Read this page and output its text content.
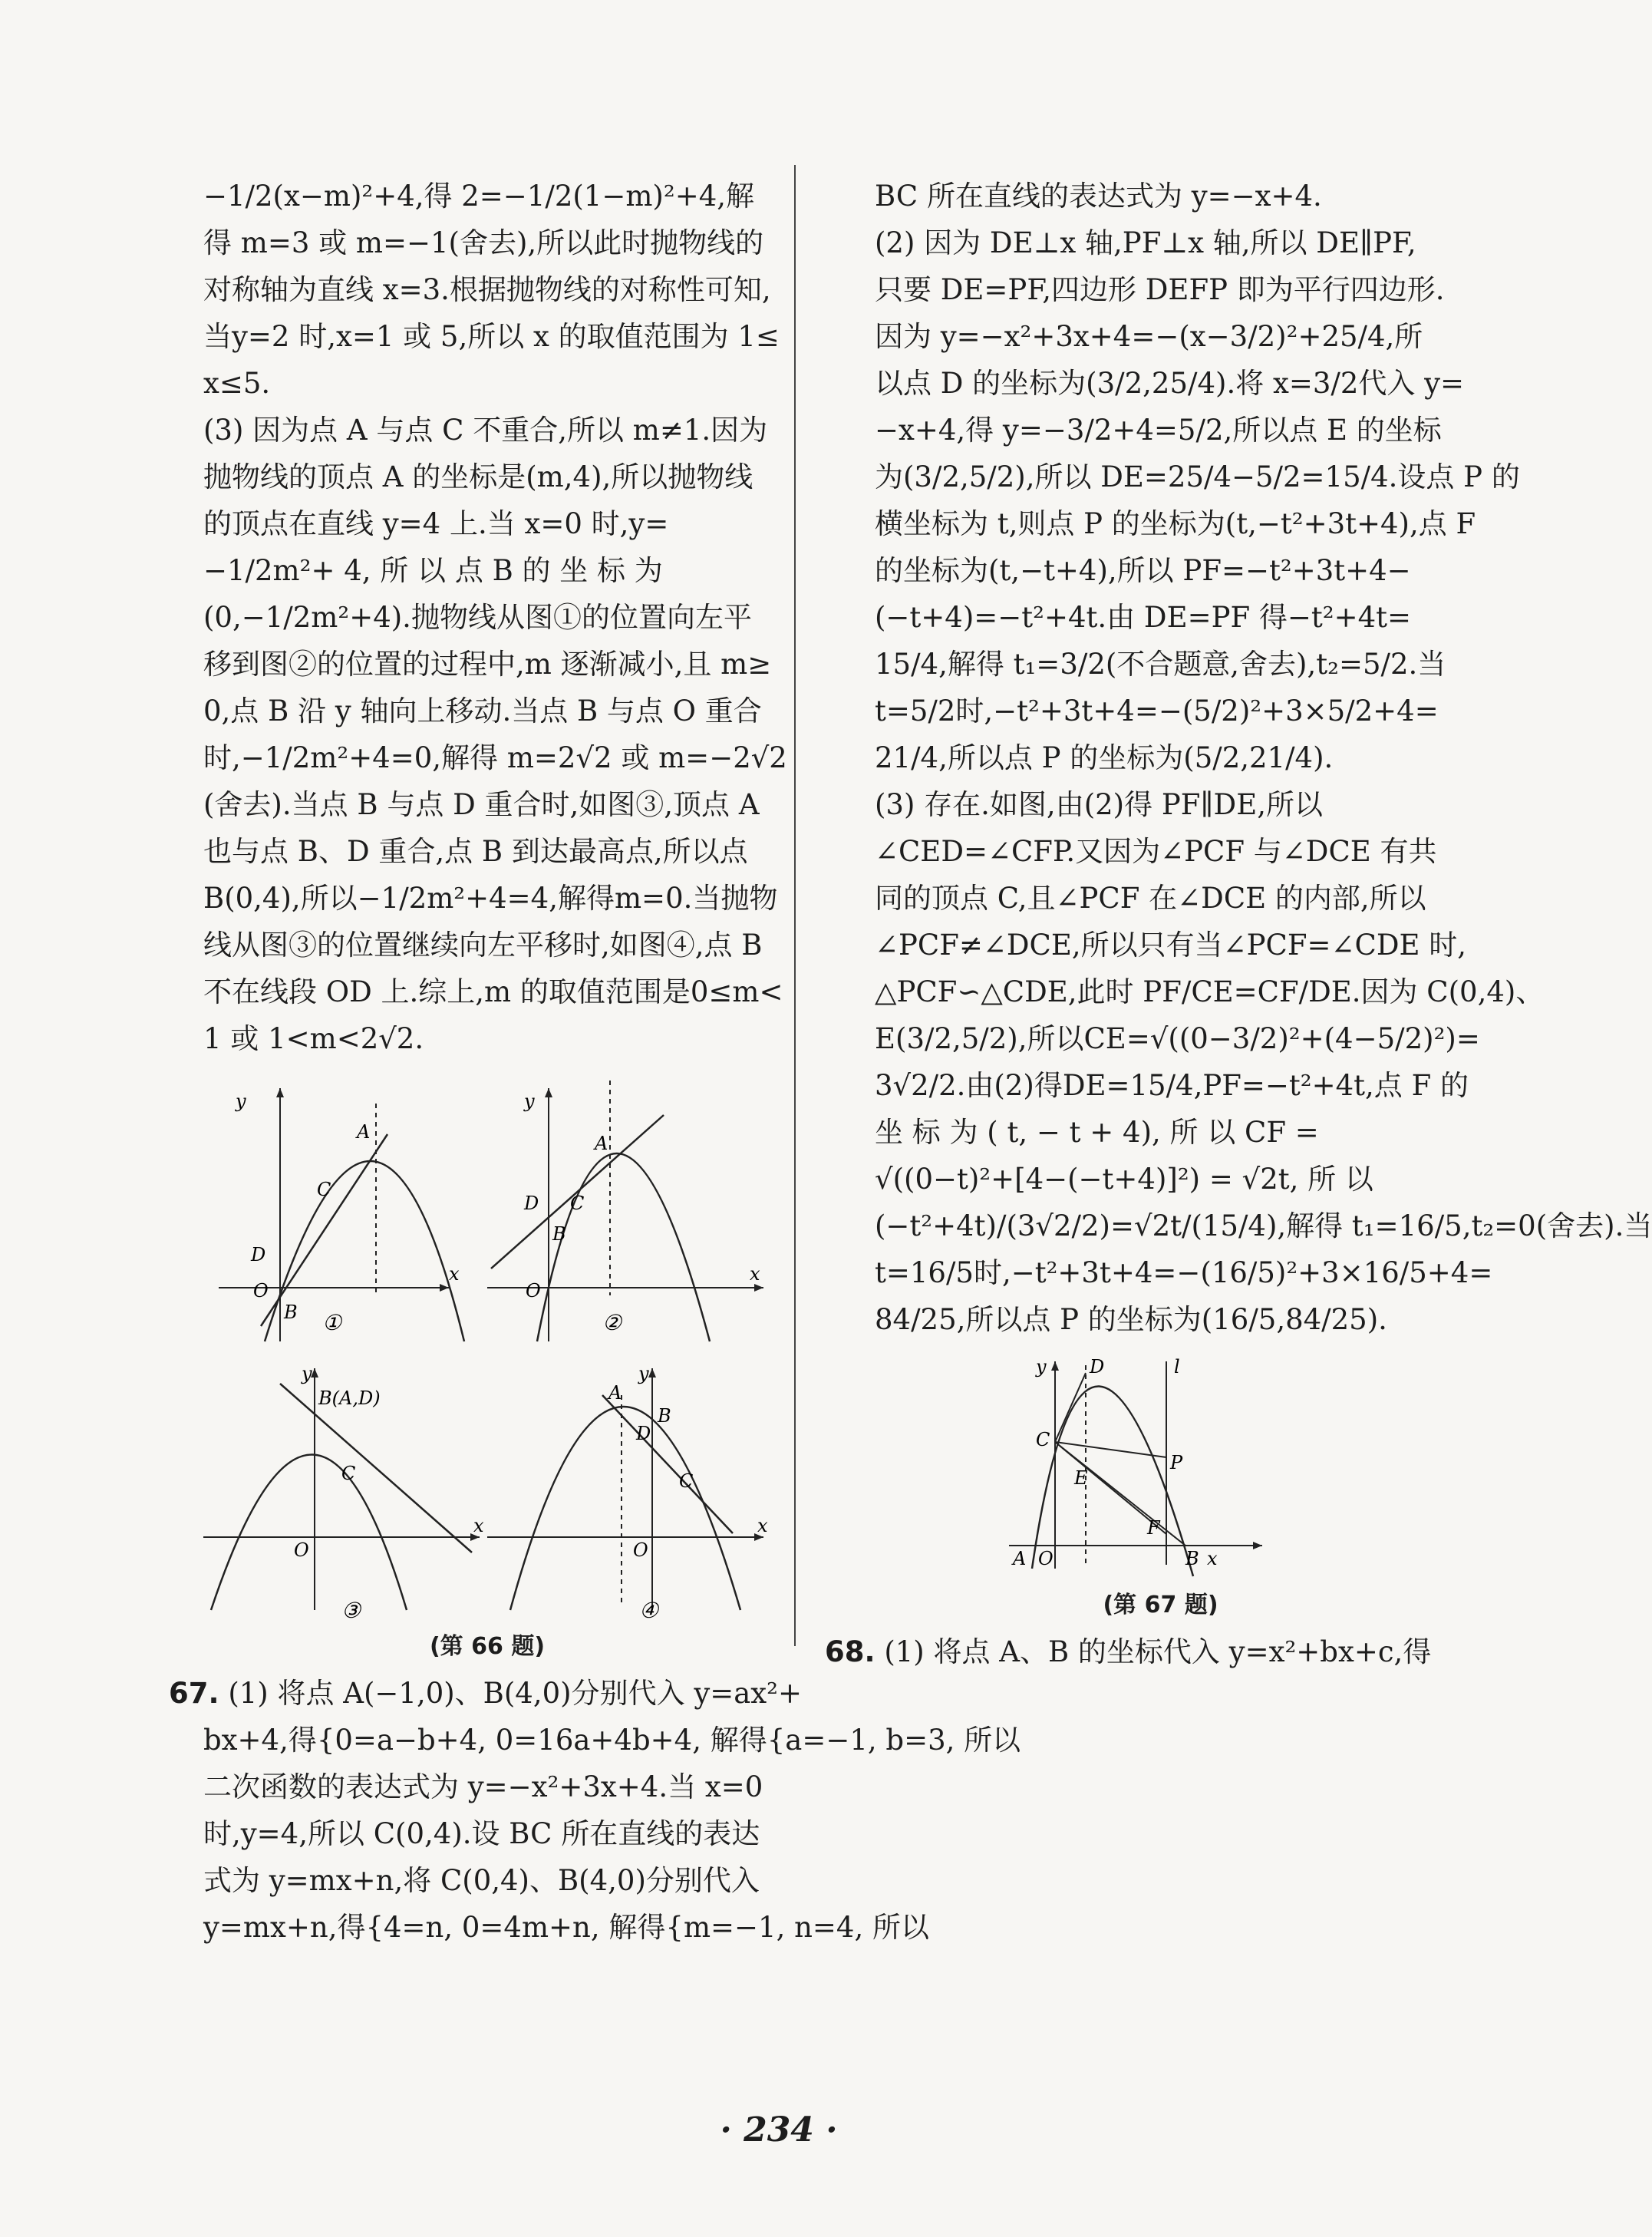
−1/2(x−m)²+4,得 2=−1/2(1−m)²+4,解
得 m=3 或 m=−1(舍去),所以此时抛物线的
对称轴为直线 x=3.根据抛物线的对称性可知,
当y=2 时,x=1 或 5,所以 x 的取值范围为 1≤
x≤5.
(3) 因为点 A 与点 C 不重合,所以 m≠1.因为
抛物线的顶点 A 的坐标是(m,4),所以抛物线
的顶点在直线 y=4 上.当 x=0 时,y=
−1/2m²+ 4, 所 以 点 B 的 坐 标 为
(0,−1/2m²+4).抛物线从图①的位置向左平
移到图②的位置的过程中,m 逐渐减小,且 m≥
0,点 B 沿 y 轴向上移动.当点 B 与点 O 重合
时,−1/2m²+4=0,解得 m=2√2 或 m=−2√2
(舍去).当点 B 与点 D 重合时,如图③,顶点 A
也与点 B、D 重合,点 B 到达最高点,所以点
B(0,4),所以−1/2m²+4=4,解得m=0.当抛物
线从图③的位置继续向左平移时,如图④,点 B
不在线段 OD 上.综上,m 的取值范围是0≤m<
1 或 1<m<2√2.
y
x
A
C
D
O
B ①
y
x
A
C
D
B
O
②
y
x
B(A,D)
C
O
③
y
x
A
B
D
C
O
④
(第 66 题)
67. (1) 将点 A(−1,0)、B(4,0)分别代入 y=ax²+
bx+4,得{0=a−b+4, 0=16a+4b+4, 解得{a=−1, b=3, 所以
二次函数的表达式为 y=−x²+3x+4.当 x=0
时,y=4,所以 C(0,4).设 BC 所在直线的表达
式为 y=mx+n,将 C(0,4)、B(4,0)分别代入
y=mx+n,得{4=n, 0=4m+n, 解得{m=−1, n=4, 所以
BC 所在直线的表达式为 y=−x+4.
(2) 因为 DE⊥x 轴,PF⊥x 轴,所以 DE∥PF,
只要 DE=PF,四边形 DEFP 即为平行四边形.
因为 y=−x²+3x+4=−(x−3/2)²+25/4,所
以点 D 的坐标为(3/2,25/4).将 x=3/2代入 y=
−x+4,得 y=−3/2+4=5/2,所以点 E 的坐标
为(3/2,5/2),所以 DE=25/4−5/2=15/4.设点 P 的
横坐标为 t,则点 P 的坐标为(t,−t²+3t+4),点 F
的坐标为(t,−t+4),所以 PF=−t²+3t+4−
(−t+4)=−t²+4t.由 DE=PF 得−t²+4t=
15/4,解得 t₁=3/2(不合题意,舍去),t₂=5/2.当
t=5/2时,−t²+3t+4=−(5/2)²+3×5/2+4=
21/4,所以点 P 的坐标为(5/2,21/4).
(3) 存在.如图,由(2)得 PF∥DE,所以
∠CED=∠CFP.又因为∠PCF 与∠DCE 有共
同的顶点 C,且∠PCF 在∠DCE 的内部,所以
∠PCF≠∠DCE,所以只有当∠PCF=∠CDE 时,
△PCF∽△CDE,此时 PF/CE=CF/DE.因为 C(0,4)、
E(3/2,5/2),所以CE=√((0−3/2)²+(4−5/2)²)=
3√2/2.由(2)得DE=15/4,PF=−t²+4t,点 F 的
坐 标 为 ( t, − t + 4), 所 以 CF =
√((0−t)²+[4−(−t+4)]²) = √2t, 所 以
(−t²+4t)/(3√2/2)=√2t/(15/4),解得 t₁=16/5,t₂=0(舍去).当
t=16/5时,−t²+3t+4=−(16/5)²+3×16/5+4=
84/25,所以点 P 的坐标为(16/5,84/25).
y D	l
C
P
E
F
A O	B x
(第 67 题)
68. (1) 将点 A、B 的坐标代入 y=x²+bx+c,得
· 234 ·
